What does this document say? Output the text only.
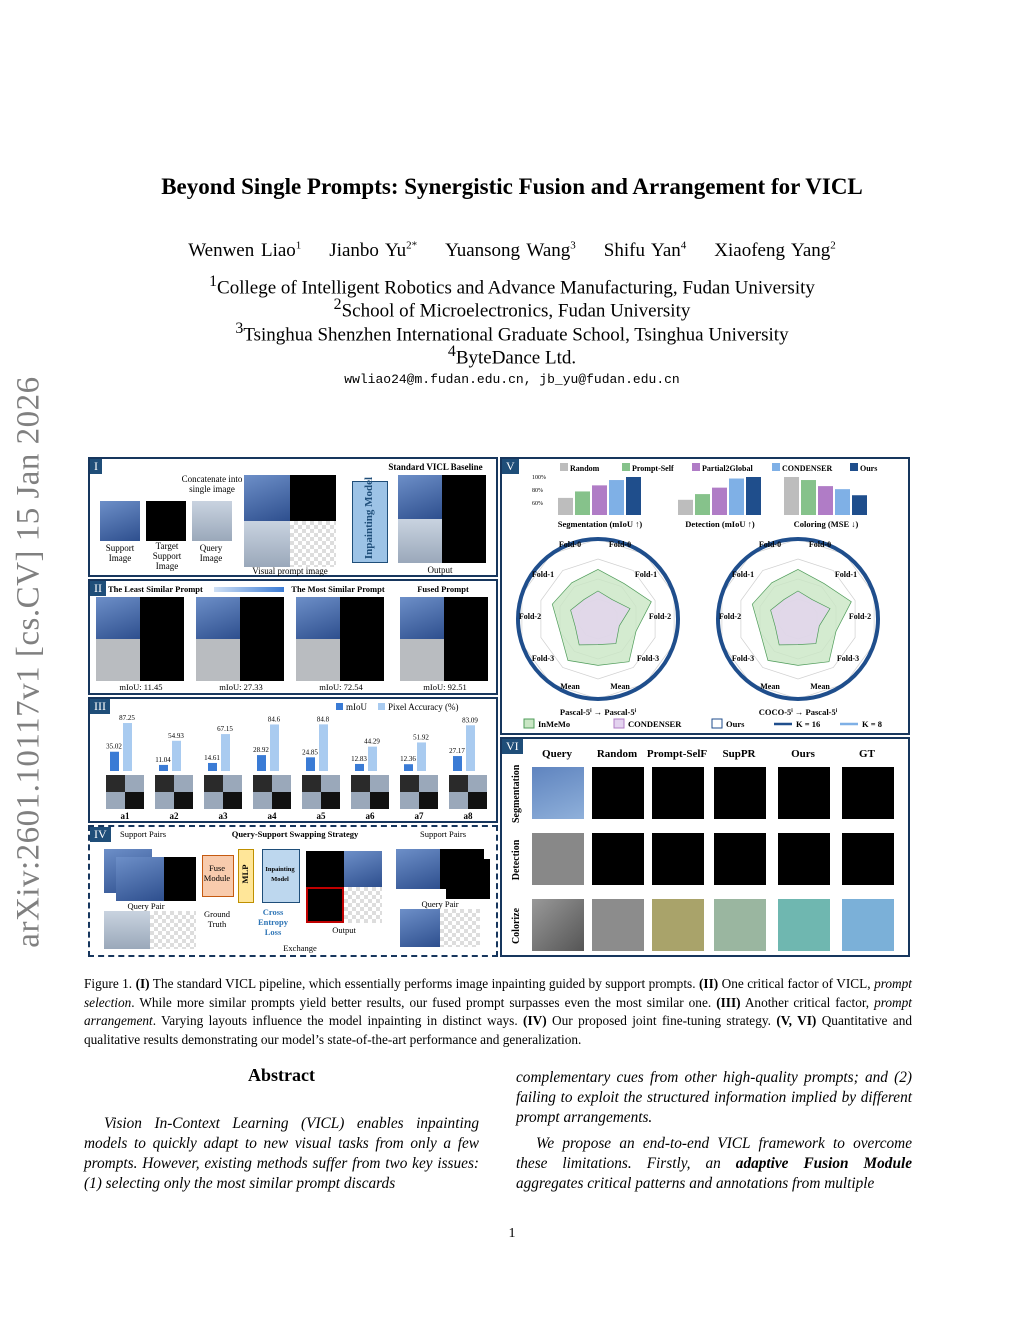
arXiv:2601.10117v1 [cs.CV] 15 Jan 2026
Beyond Single Prompts: Synergistic Fusion and Arrangement for VICL
Wenwen Liao$^1$ Jianbo $Yu^{2*}$ Yuansong Wang$^3$ Shifu Yan$^4$ Xiaofeng Yang$^2$
$^1$College of Intelligent Robotics and Advance Manufacturing, Fudan University
$^2$School of Microelectronics, Fudan University
$^3$Tsinghua Shenzhen International Graduate School, Tsinghua University
$^4$ByteDance Ltd.
wwliao24@m.fudan.edu.cn, jb_yu@fudan.edu.cn
I	Standard VICL Baseline
Concatenate into single image
Support Image
Target Support Image
Query Image
Visual prompt image
Inpainting Model
Output
II The Least Similar Prompt	The Most Similar Prompt	Fused Prompt
mIoU: 11.45	mIoU: 27.33	mIoU: 72.54	mIoU: 92.51
III	mIoU Pixel Accuracy (%)
35.02
87.25
a1
11.04
54.93
a2
14.61
67.15
a3
28.92
84.6
a4
24.85
84.8
a5
12.83
44.29
a6
12.36
51.92
a7
27.17
83.09
a8
IV	Support Pairs	Query-Support Swapping Strategy	Support Pairs
Query Pair
Fuse Module	MLP	Inpainting Model
Ground Truth
Cross Entropy Loss	Output
Query Pair
Exchange
V	Random	Prompt-Self	Partial2Global	CONDENSER	Ours
100%
80%
60%
Segmentation (mIoU ↑)	Detection (mIoU ↑)	Coloring (MSE ↓)
Fold-0	Fold-0
Fold-1	Fold-1
Fold-2	Fold-2
Fold-3	Fold-3
Mean	Mean
Pascal-5ⁱ → Pascal-5ⁱ
Fold-0	Fold-0
Fold-1	Fold-1
Fold-2	Fold-2
Fold-3	Fold-3
Mean	Mean
COCO-5ⁱ → Pascal-5ⁱ
InMeMo	CONDENSER	Ours	K = 16	K = 8
VI
Query	Random Prompt-SelF	SupPR	Ours	GT
Segmentation
Detection
Colorize
Figure 1. (I) The standard VICL pipeline, which essentially performs image inpainting guided by support prompts. (II) One critical factor of VICL, prompt selection. While more similar prompts yield better results, our fused prompt surpasses even the most similar one. (III) Another critical factor, prompt arrangement. Varying layouts influence the model inpainting in distinct ways. (IV) Our proposed joint fine-tuning strategy. (V, VI) Quantitative and qualitative results demonstrating our model’s state-of-the-art performance and generalization.
Abstract
Vision In-Context Learning (VICL) enables inpainting models to quickly adapt to new visual tasks from only a few prompts. However, existing methods suffer from two key issues: (1) selecting only the most similar prompt discards
complementary cues from other high-quality prompts; and (2) failing to exploit the structured information implied by different prompt arrangements.
We propose an end-to-end VICL framework to overcome these limitations. Firstly, an adaptive Fusion Module aggregates critical patterns and annotations from multiple
1
